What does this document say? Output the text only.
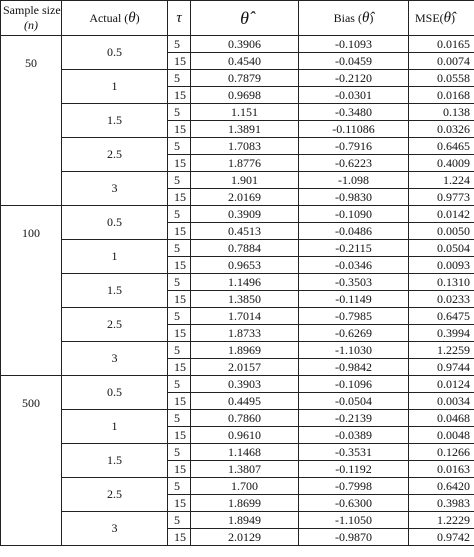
Sample size
(n)	Actual (θ)	τ	θ̂	Bias (θ̂)	MSE(θ̂)
50	0.5	5	0.3906	-0.1093	0.0165
		15	0.4540	-0.0459	0.0074
	1	5	0.7879	-0.2120	0.0558
		15	0.9698	-0.0301	0.0168
	1.5	5	1.151	-0.3480	0.138
		15	1.3891	-0.11086	0.0326
	2.5	5	1.7083	-0.7916	0.6465
		15	1.8776	-0.6223	0.4009
	3	5	1.901	-1.098	1.224
		15	2.0169	-0.9830	0.9773
100	0.5	5	0.3909	-0.1090	0.0142
		15	0.4513	-0.0486	0.0050
	1	5	0.7884	-0.2115	0.0504
		15	0.9653	-0.0346	0.0093
	1.5	5	1.1496	-0.3503	0.1310
		15	1.3850	-0.1149	0.0233
	2.5	5	1.7014	-0.7985	0.6475
		15	1.8733	-0.6269	0.3994
	3	5	1.8969	-1.1030	1.2259
		15	2.0157	-0.9842	0.9744
500	0.5	5	0.3903	-0.1096	0.0124
		15	0.4495	-0.0504	0.0034
	1	5	0.7860	-0.2139	0.0468
		15	0.9610	-0.0389	0.0048
	1.5	5	1.1468	-0.3531	0.1266
		15	1.3807	-0.1192	0.0163
	2.5	5	1.700	-0.7998	0.6420
		15	1.8699	-0.6300	0.3983
	3	5	1.8949	-1.1050	1.2229
		15	2.0129	-0.9870	0.9742
